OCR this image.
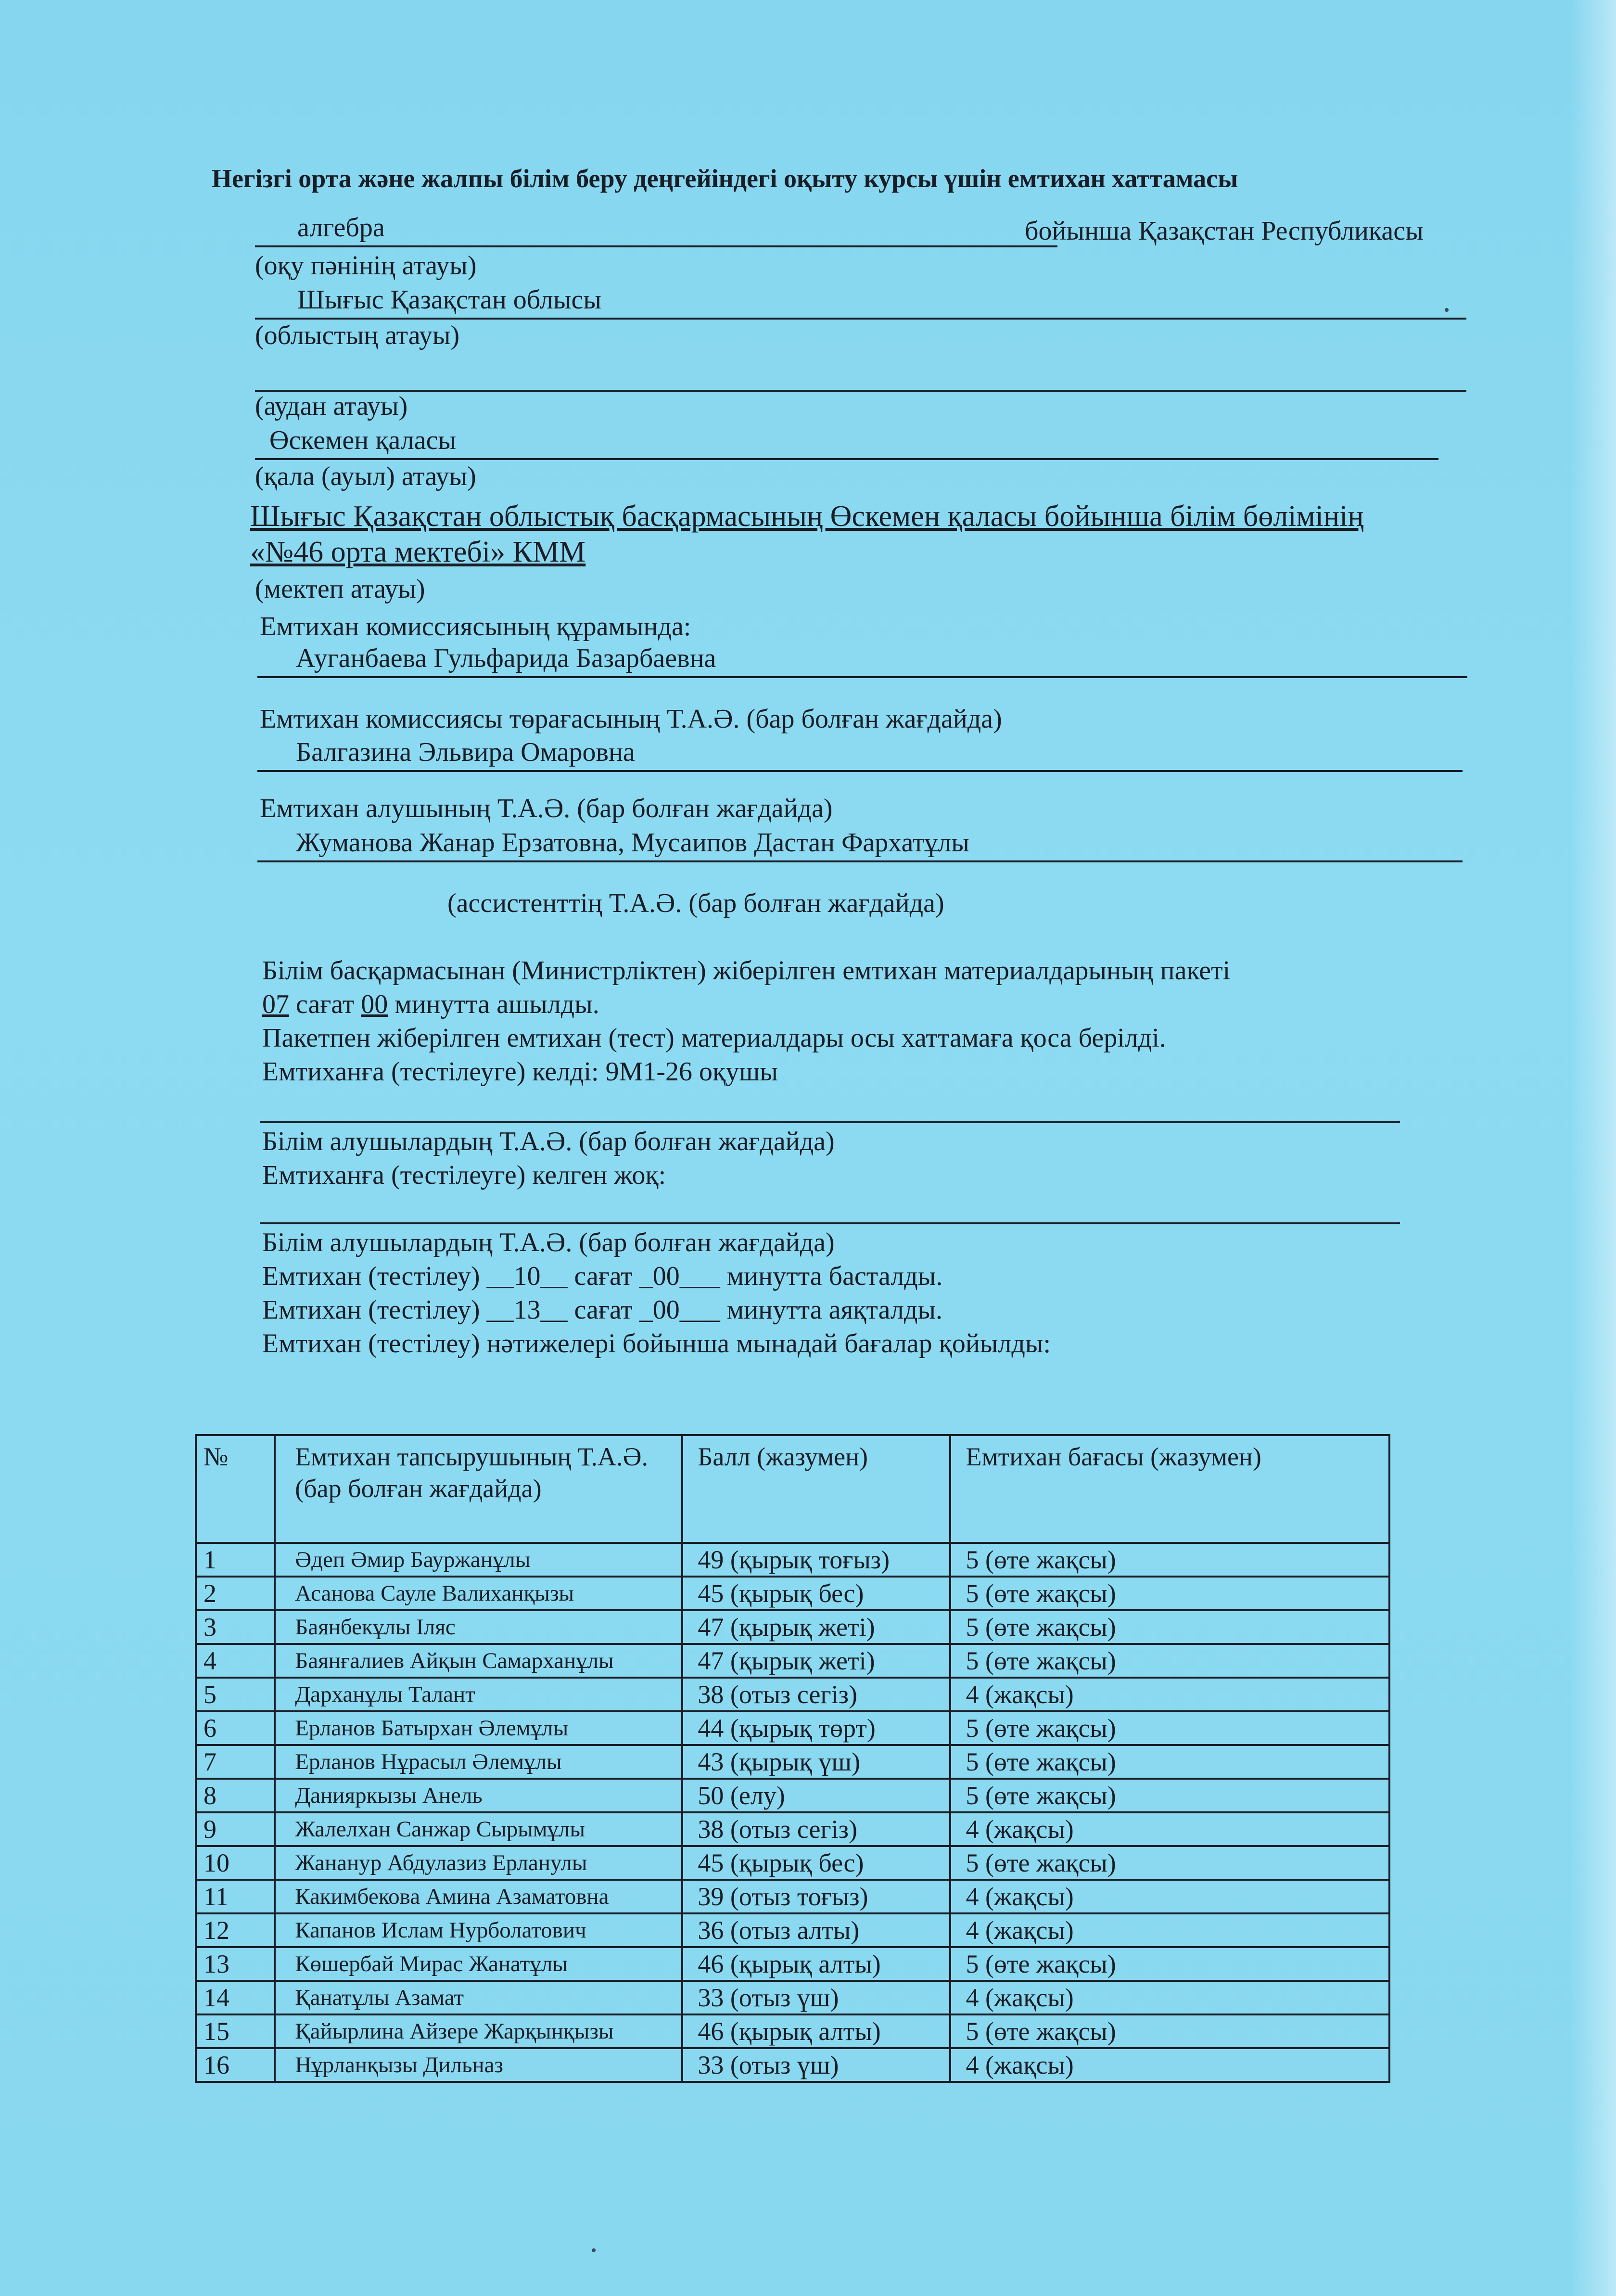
Негізгі орта және жалпы білім беру деңгейіндегі оқыту курсы үшін емтихан хаттамасы
алгебра	бойынша Қазақстан Республикасы
(оқу пәнінің атауы)
Шығыс Қазақстан облысы
(облыстың атауы)
(аудан атауы)
Өскемен қаласы
(қала (ауыл) атауы)
Шығыс Қазақстан облыстық басқармасының Өскемен қаласы бойынша білім бөлімінің
«№46 орта мектебі» КММ
(мектеп атауы)
Емтихан комиссиясының құрамында:
Ауганбаева Гульфарида Базарбаевна
Емтихан комиссиясы төрағасының Т.А.Ә. (бар болған жағдайда)
Балгазина Эльвира Омаровна
Емтихан алушының Т.А.Ә. (бар болған жағдайда)
Жуманова Жанар Ерзатовна, Мусаипов Дастан Фархатұлы
(ассистенттің Т.А.Ә. (бар болған жағдайда)
Білім басқармасынан (Министрліктен) жіберілген емтихан материалдарының пакеті
07 сағат 00 минутта ашылды.
Пакетпен жіберілген емтихан (тест) материалдары осы хаттамаға қоса берілді.
Емтиханға (тестілеуге) келді: 9М1-26 оқушы
Білім алушылардың Т.А.Ә. (бар болған жағдайда)
Емтиханға (тестілеуге) келген жоқ:
Білім алушылардың Т.А.Ә. (бар болған жағдайда)
Емтихан (тестілеу) __10__ сағат _00___ минутта басталды.
Емтихан (тестілеу) __13__ сағат _00___ минутта аяқталды.
Емтихан (тестілеу) нәтижелері бойынша мынадай бағалар қойылды:
№	Емтихан тапсырушының Т.А.Ә. (бар болған жағдайда)	Балл (жазумен)	Емтихан бағасы (жазумен)
1	Әдеп Әмир Бауржанұлы	49 (қырық тоғыз)	5 (өте жақсы)
2	Асанова Сауле Валиханқызы	45 (қырық бес)	5 (өте жақсы)
3	Баянбекұлы Іляс	47 (қырық жеті)	5 (өте жақсы)
4	Баянғалиев Айқын Самарханұлы	47 (қырық жеті)	5 (өте жақсы)
5	Дарханұлы Талант	38 (отыз сегіз)	4 (жақсы)
6	Ерланов Батырхан Әлемұлы	44 (қырық төрт)	5 (өте жақсы)
7	Ерланов Нұрасыл Әлемұлы	43 (қырық үш)	5 (өте жақсы)
8	Данияркызы Анель	50 (елу)	5 (өте жақсы)
9	Жалелхан Санжар Сырымұлы	38 (отыз сегіз)	4 (жақсы)
10	Жананур Абдулазиз Ерланулы	45 (қырық бес)	5 (өте жақсы)
11	Какимбекова Амина Азаматовна	39 (отыз тоғыз)	4 (жақсы)
12	Капанов Ислам Нурболатович	36 (отыз алты)	4 (жақсы)
13	Көшербай Мирас Жанатұлы	46 (қырық алты)	5 (өте жақсы)
14	Қанатұлы Азамат	33 (отыз үш)	4 (жақсы)
15	Қайырлина Айзере Жарқынқызы	46 (қырық алты)	5 (өте жақсы)
16	Нұрланқызы Дильназ	33 (отыз үш)	4 (жақсы)
